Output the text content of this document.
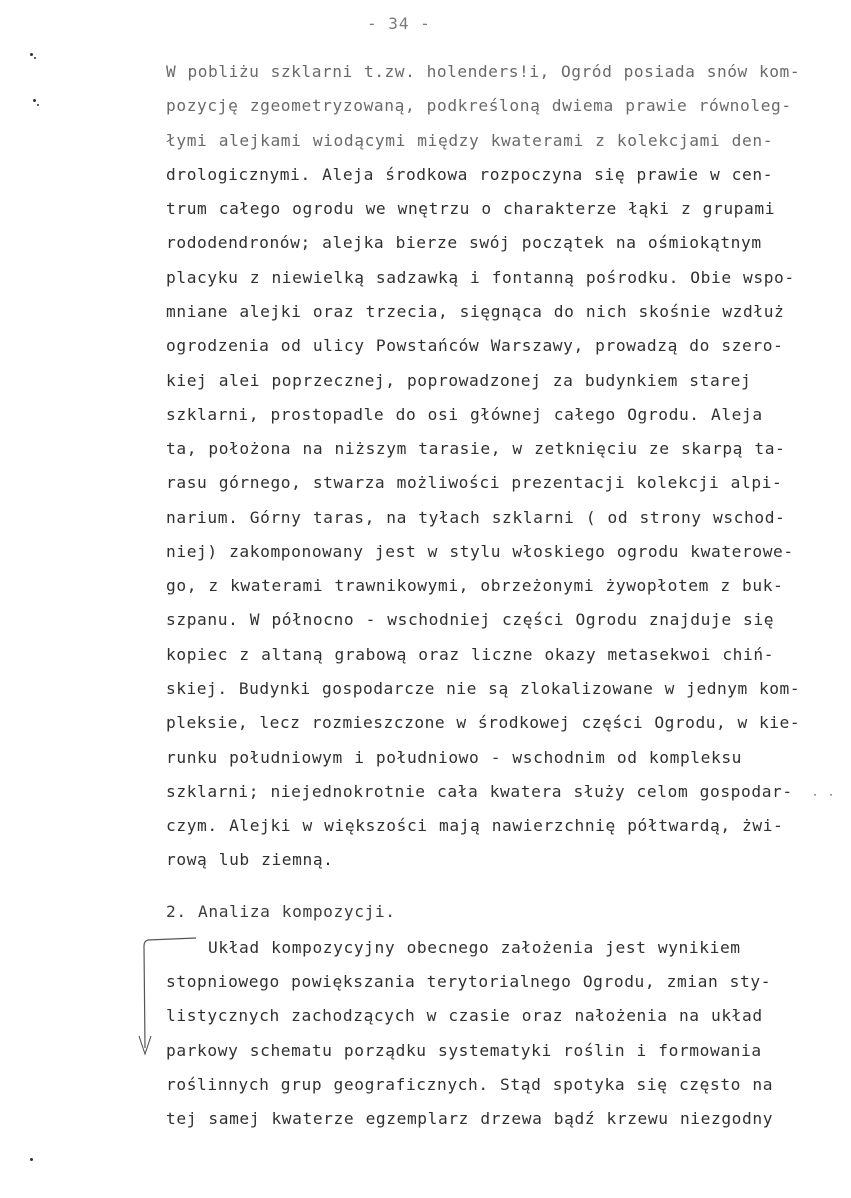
- 34 -
· ·
W pobliżu szklarni t.zw. holenders!i, Ogród posiada snów kom-
pozycję zgeometryzowaną, podkreśloną dwiema prawie równoleg-
łymi alejkami wiodącymi między kwaterami z kolekcjami den-
drologicznymi. Aleja środkowa rozpoczyna się prawie w cen-
trum całego ogrodu we wnętrzu o charakterze łąki z grupami
rododendronów; alejka bierze swój początek na ośmiokątnym
placyku z niewielką sadzawką i fontanną pośrodku. Obie wspo-
mniane alejki oraz trzecia, sięgnąca do nich skośnie wzdłuż
ogrodzenia od ulicy Powstańców Warszawy, prowadzą do szero-
kiej alei poprzecznej, poprowadzonej za budynkiem starej
szklarni, prostopadle do osi głównej całego Ogrodu. Aleja
ta, położona na niższym tarasie, w zetknięciu ze skarpą ta-
rasu górnego, stwarza możliwości prezentacji kolekcji alpi-
narium. Górny taras, na tyłach szklarni ( od strony wschod-
niej) zakomponowany jest w stylu włoskiego ogrodu kwaterowe-
go, z kwaterami trawnikowymi, obrzeżonymi żywopłotem z buk-
szpanu. W północno - wschodniej części Ogrodu znajduje się
kopiec z altaną grabową oraz liczne okazy metasekwoi chiń-
skiej. Budynki gospodarcze nie są zlokalizowane w jednym kom-
pleksie, lecz rozmieszczone w środkowej części Ogrodu, w kie-
runku południowym i południowo - wschodnim od kompleksu
szklarni; niejednokrotnie cała kwatera służy celom gospodar-
czym. Alejki w większości mają nawierzchnię półtwardą, żwi-
rową lub ziemną.
2. Analiza kompozycji.
Układ kompozycyjny obecnego założenia jest wynikiem
stopniowego powiększania terytorialnego Ogrodu, zmian sty-
listycznych zachodzących w czasie oraz nałożenia na układ
parkowy schematu porządku systematyki roślin i formowania
roślinnych grup geograficznych. Stąd spotyka się często na
tej samej kwaterze egzemplarz drzewa bądź krzewu niezgodny
